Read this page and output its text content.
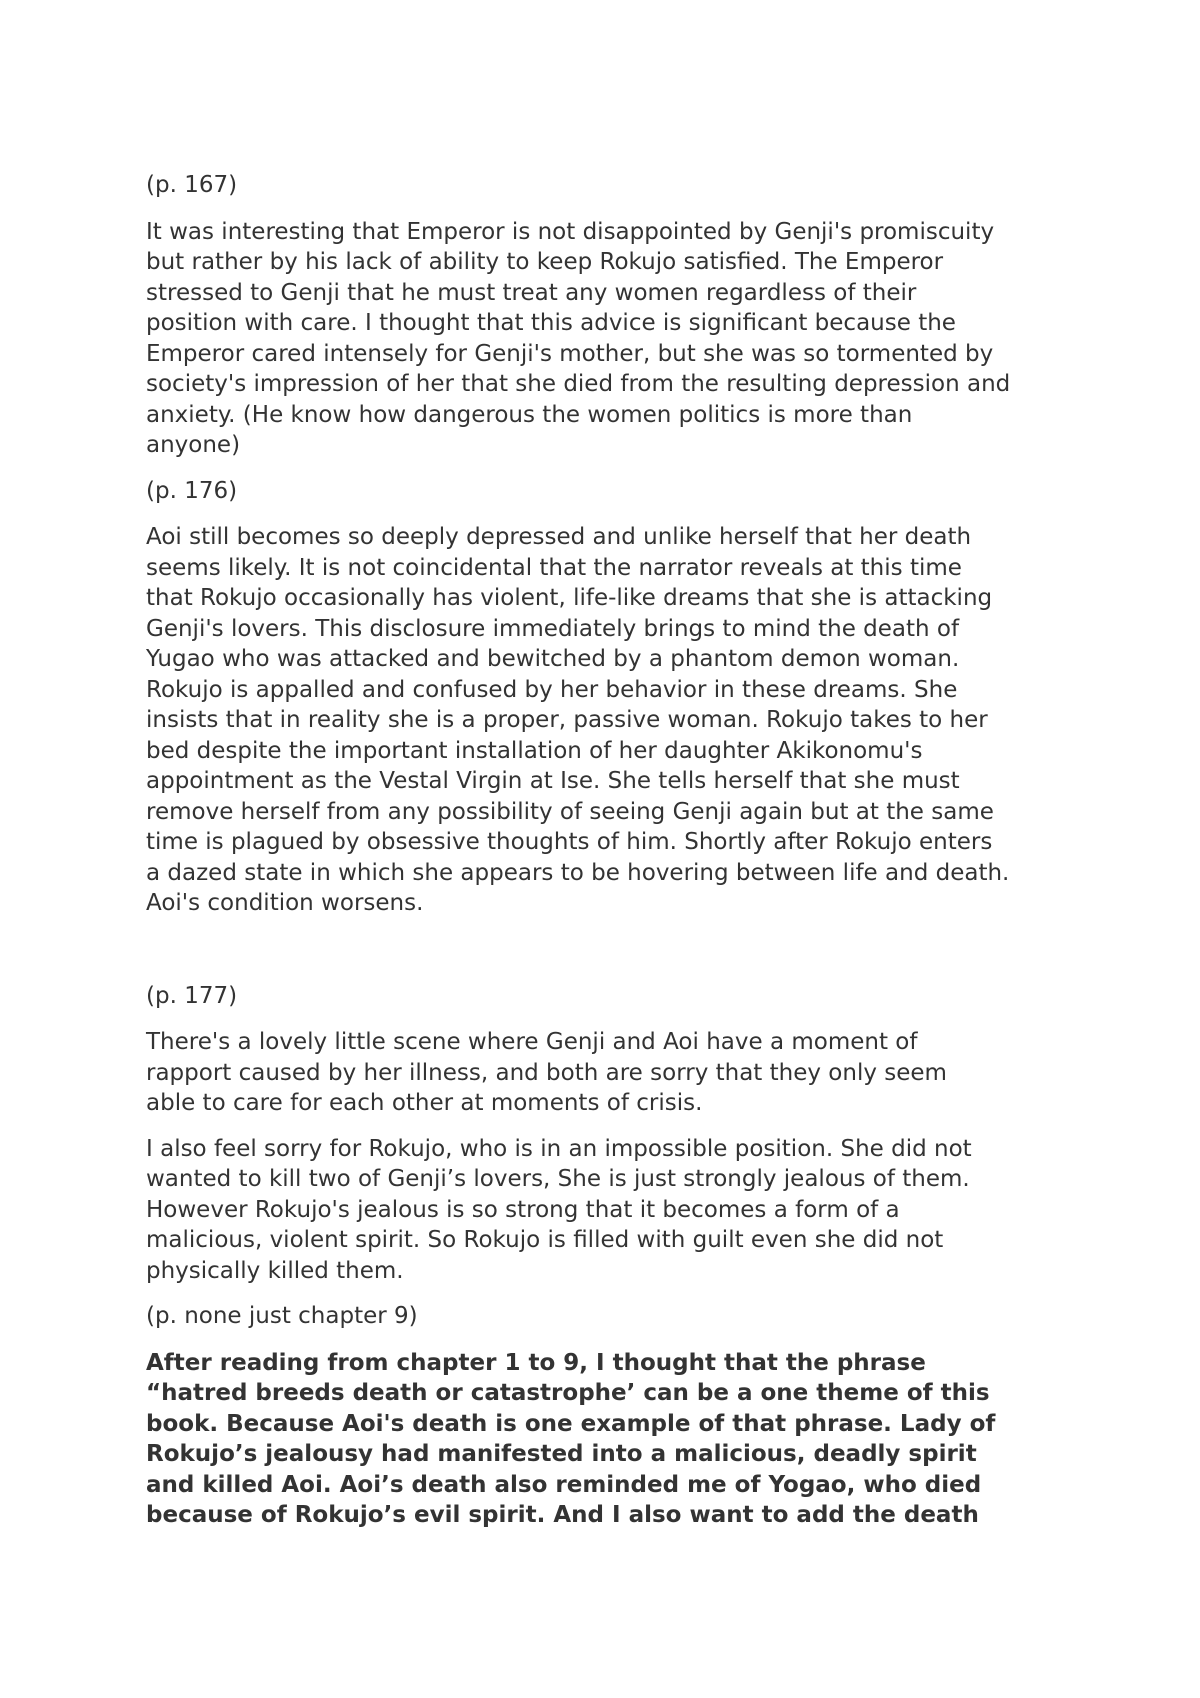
(p. 167)

It was interesting that Emperor is not disappointed by Genji's promiscuity
but rather by his lack of ability to keep Rokujo satisfied. The Emperor
stressed to Genji that he must treat any women regardless of their
position with care. I thought that this advice is significant because the
Emperor cared intensely for Genji's mother, but she was so tormented by
society's impression of her that she died from the resulting depression and
anxiety. (He know how dangerous the women politics is more than
anyone)

(p. 176)

Aoi still becomes so deeply depressed and unlike herself that her death
seems likely. It is not coincidental that the narrator reveals at this time
that Rokujo occasionally has violent, life-like dreams that she is attacking
Genji's lovers. This disclosure immediately brings to mind the death of
Yugao who was attacked and bewitched by a phantom demon woman.
Rokujo is appalled and confused by her behavior in these dreams. She
insists that in reality she is a proper, passive woman. Rokujo takes to her
bed despite the important installation of her daughter Akikonomu's
appointment as the Vestal Virgin at Ise. She tells herself that she must
remove herself from any possibility of seeing Genji again but at the same
time is plagued by obsessive thoughts of him. Shortly after Rokujo enters
a dazed state in which she appears to be hovering between life and death.
Aoi's condition worsens.

(p. 177)

There's a lovely little scene where Genji and Aoi have a moment of
rapport caused by her illness, and both are sorry that they only seem
able to care for each other at moments of crisis.

I also feel sorry for Rokujo, who is in an impossible position. She did not
wanted to kill two of Genji’s lovers, She is just strongly jealous of them.
However Rokujo's jealous is so strong that it becomes a form of a
malicious, violent spirit. So Rokujo is filled with guilt even she did not
physically killed them.

(p. none just chapter 9)

After reading from chapter 1 to 9, I thought that the phrase
“hatred breeds death or catastrophe’ can be a one theme of this
book. Because Aoi's death is one example of that phrase. Lady of
Rokujo’s jealousy had manifested into a malicious, deadly spirit
and killed Aoi. Aoi’s death also reminded me of Yogao, who died
because of Rokujo’s evil spirit. And I also want to add the death
